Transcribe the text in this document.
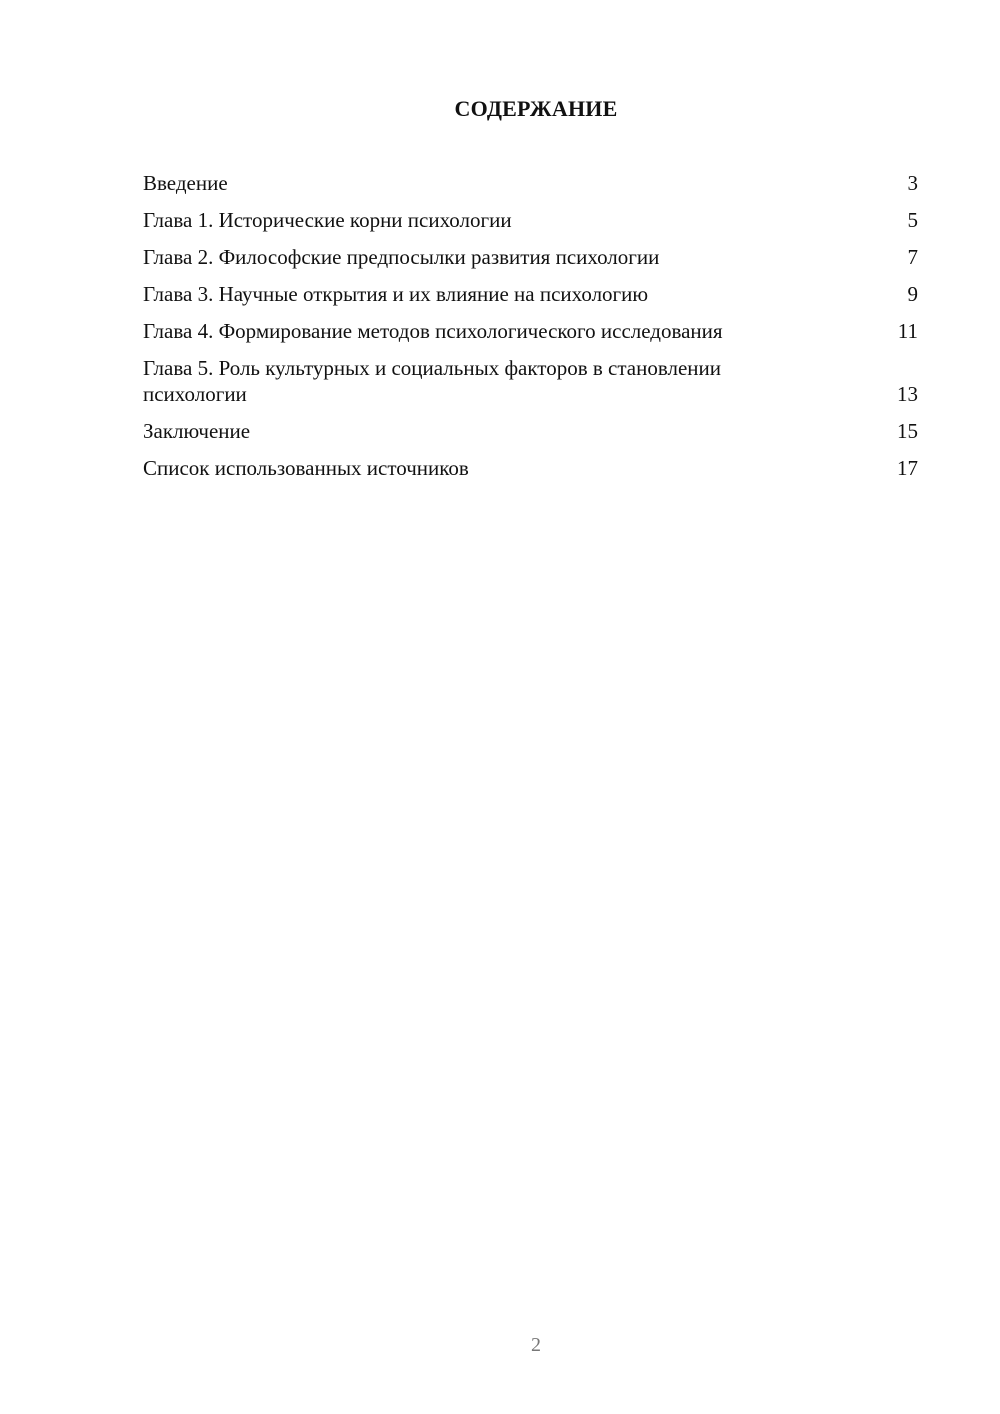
СОДЕРЖАНИЕ
Введение	3
Глава 1. Исторические корни психологии	5
Глава 2. Философские предпосылки развития психологии	7
Глава 3. Научные открытия и их влияние на психологию	9
Глава 4. Формирование методов психологического исследования	11
Глава 5. Роль культурных и социальных факторов в становлении психологии	13
Заключение	15
Список использованных источников	17
2
